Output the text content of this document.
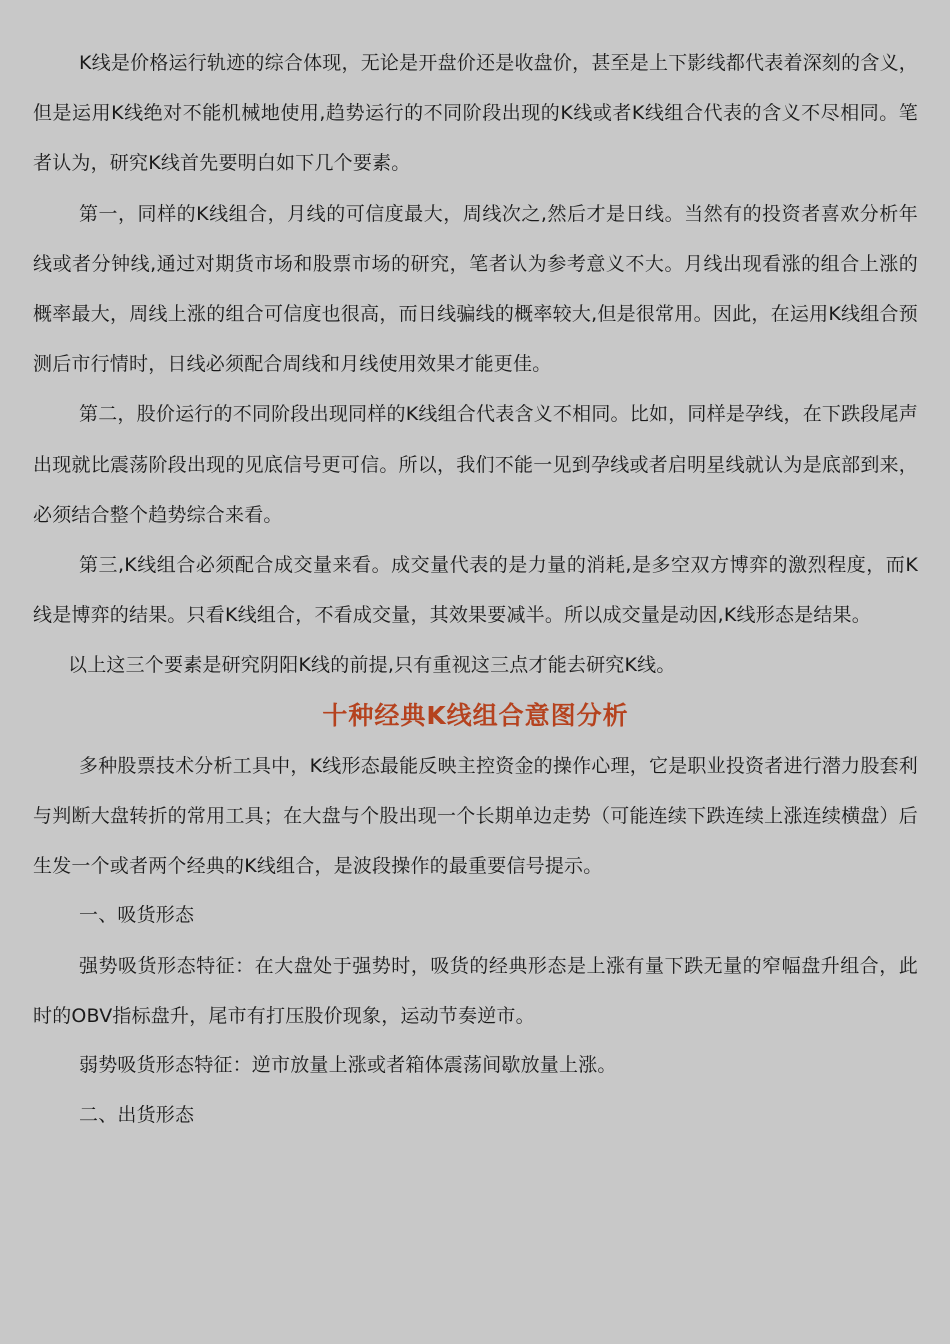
K线是价格运行轨迹的综合体现，无论是开盘价还是收盘价，甚至是上下影线都代表着深刻的含义，但是运用K线绝对不能机械地使用,趋势运行的不同阶段出现的K线或者K线组合代表的含义不尽相同。笔者认为，研究K线首先要明白如下几个要素。

第一，同样的K线组合，月线的可信度最大，周线次之,然后才是日线。当然有的投资者喜欢分析年线或者分钟线,通过对期货市场和股票市场的研究，笔者认为参考意义不大。月线出现看涨的组合上涨的概率最大，周线上涨的组合可信度也很高，而日线骗线的概率较大,但是很常用。因此，在运用K线组合预测后市行情时，日线必须配合周线和月线使用效果才能更佳。

第二，股价运行的不同阶段出现同样的K线组合代表含义不相同。比如，同样是孕线，在下跌段尾声出现就比震荡阶段出现的见底信号更可信。所以，我们不能一见到孕线或者启明星线就认为是底部到来，必须结合整个趋势综合来看。

第三,K线组合必须配合成交量来看。成交量代表的是力量的消耗,是多空双方博弈的激烈程度，而K线是博弈的结果。只看K线组合，不看成交量，其效果要减半。所以成交量是动因,K线形态是结果。

以上这三个要素是研究阴阳K线的前提,只有重视这三点才能去研究K线。

十种经典K线组合意图分析

多种股票技术分析工具中，K线形态最能反映主控资金的操作心理，它是职业投资者进行潜力股套利与判断大盘转折的常用工具；在大盘与个股出现一个长期单边走势（可能连续下跌连续上涨连续横盘）后生发一个或者两个经典的K线组合，是波段操作的最重要信号提示。

一、吸货形态

强势吸货形态特征：在大盘处于强势时，吸货的经典形态是上涨有量下跌无量的窄幅盘升组合，此时的OBV指标盘升，尾市有打压股价现象，运动节奏逆市。

弱势吸货形态特征：逆市放量上涨或者箱体震荡间歇放量上涨。

二、出货形态
